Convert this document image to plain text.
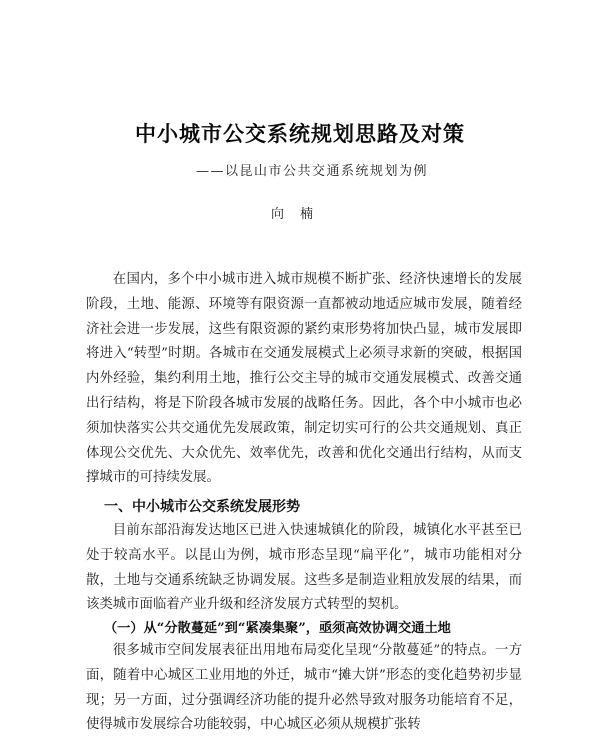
中小城市公交系统规划思路及对策
——以昆山市公共交通系统规划为例
向楠

在国内，多个中小城市进入城市规模不断扩张、经济快速增长的发展阶段，土地、能源、环境等有限资源一直都被动地适应城市发展，随着经济社会进一步发展，这些有限资源的紧约束形势将加快凸显，城市发展即将进入“转型”时期。各城市在交通发展模式上必须寻求新的突破，根据国内外经验，集约利用土地，推行公交主导的城市交通发展模式、改善交通出行结构，将是下阶段各城市发展的战略任务。因此，各个中小城市也必须加快落实公共交通优先发展政策，制定切实可行的公共交通规划、真正体现公交优先、大众优先、效率优先，改善和优化交通出行结构，从而支撑城市的可持续发展。

一、中小城市公交系统发展形势

目前东部沿海发达地区已进入快速城镇化的阶段，城镇化水平甚至已处于较高水平。以昆山为例，城市形态呈现“扁平化”，城市功能相对分散，土地与交通系统缺乏协调发展。这些多是制造业粗放发展的结果，而该类城市面临着产业升级和经济发展方式转型的契机。

（一）从“分散蔓延”到“紧凑集聚”，亟须高效协调交通土地

很多城市空间发展表征出用地布局変化呈现“分散蔓延”的特点。一方面，随着中心城区工业用地的外迁，城市“摊大饼”形态的变化趋势初步显现；另一方面，过分强调经济功能的提升必然导致对服务功能培育不足，使得城市发展综合功能较弱，中心城区必须从规模扩张转
